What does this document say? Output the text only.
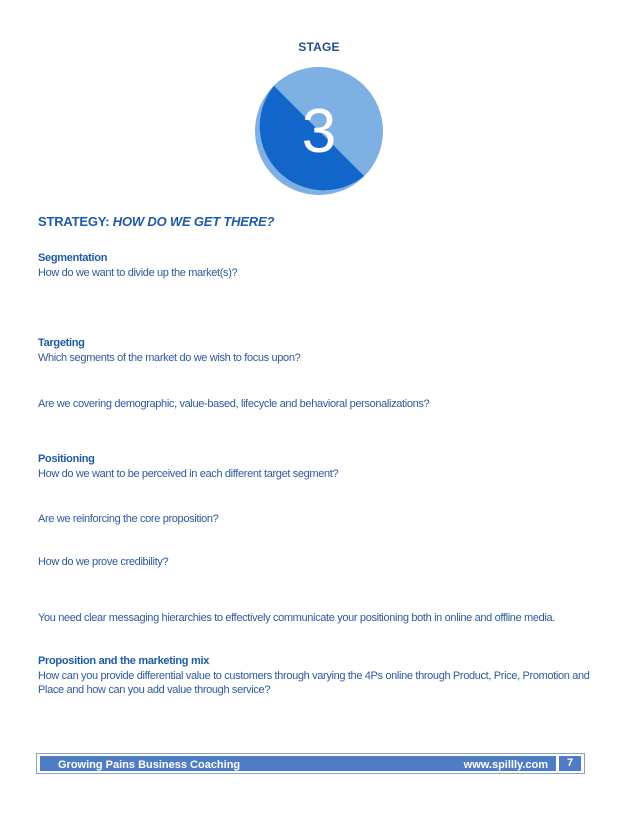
STAGE
3
STRATEGY: HOW DO WE GET THERE?
Segmentation
How do we want to divide up the market(s)?
Targeting
Which segments of the market do we wish to focus upon?
Are we covering demographic, value-based, lifecycle and behavioral personalizations?
Positioning
How do we want to be perceived in each different target segment?
Are we reinforcing the core proposition?
How do we prove credibility?
You need clear messaging hierarchies to effectively communicate your positioning both in online and offline media.
Proposition and the marketing mix
How can you provide differential value to customers through varying the 4Ps online through Product, Price, Promotion and Place and how can you add value through service?
Growing Pains Business Coaching	www.spillly.com	7
